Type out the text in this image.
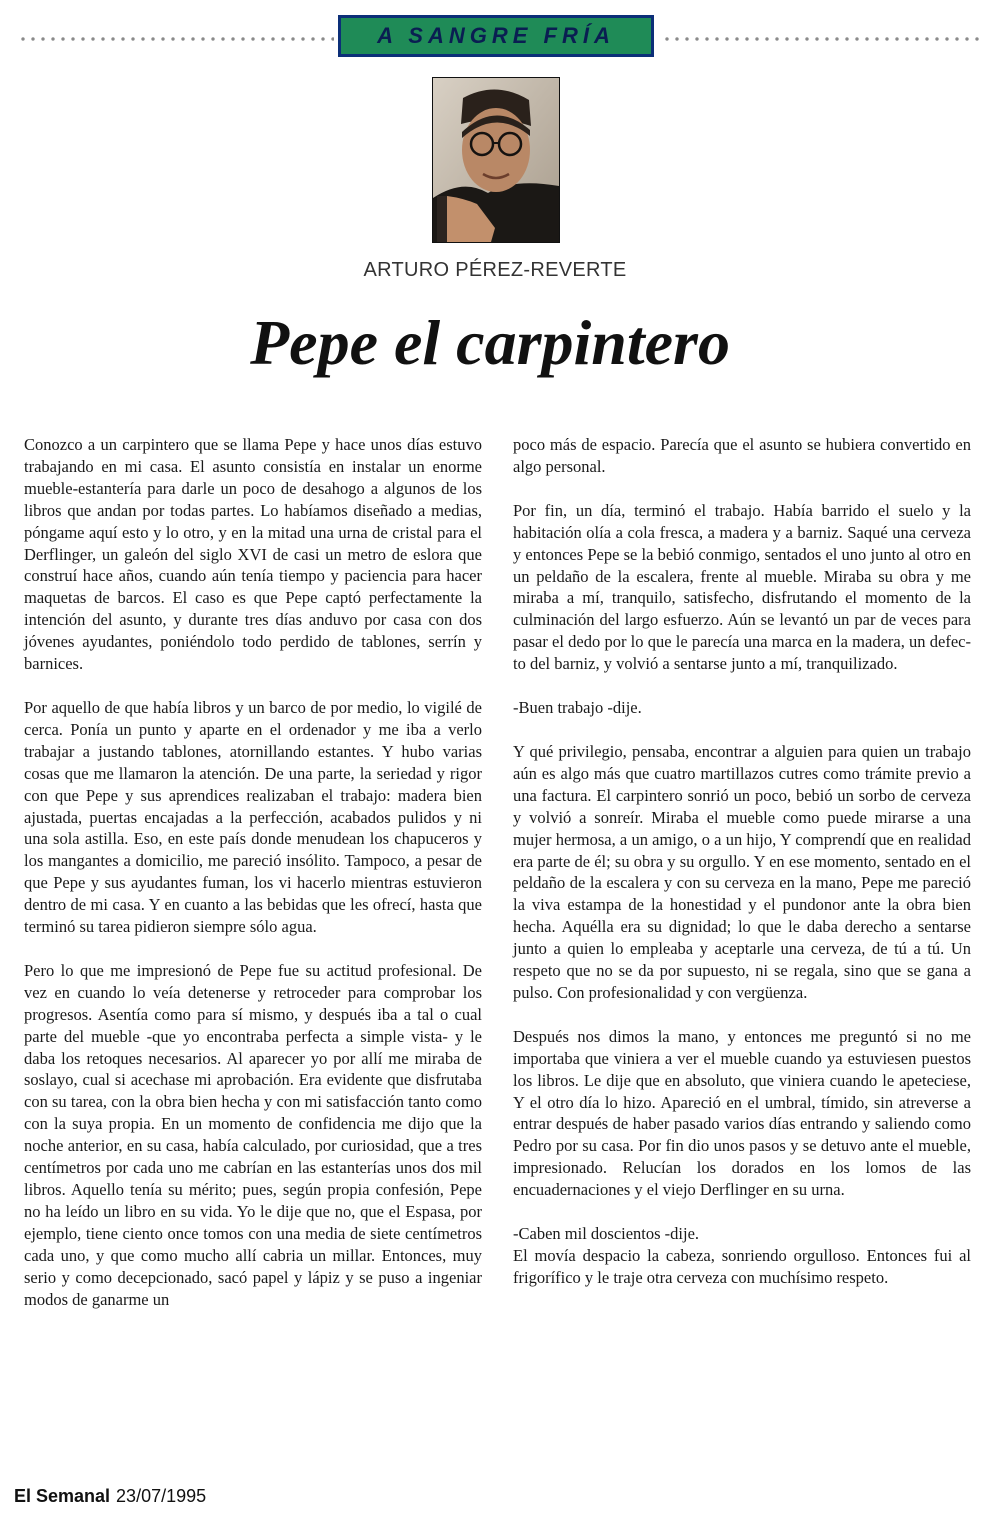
A SANGRE FRÍA
ARTURO PÉREZ-REVERTE
Pepe el carpintero

Conozco a un carpintero que se llama Pepe y hace unos días estuvo trabajando en mi casa. El asunto consistía en instalar un enorme mueble-estantería para darle un poco de desahogo a algunos de los libros que andan por todas partes. Lo habíamos diseñado a medias, póngame aquí esto y lo otro, y en la mitad una urna de cristal para el Derflinger, un galeón del siglo XVI de casi un metro de eslora que construí hace años, cuando aún tenía tiempo y paciencia para hacer maquetas de barcos. El caso es que Pepe captó perfectamente la intención del asunto, y durante tres días anduvo por casa con dos jóvenes ayudantes, poniéndolo todo perdido de tablones, serrín y barnices.

Por aquello de que había libros y un barco de por medio, lo vigilé de cerca. Ponía un punto y aparte en el ordenador y me iba a verlo trabajar a justando tablones, atornillando estantes. Y hubo varias cosas que me llamaron la atención. De una parte, la seriedad y rigor con que Pepe y sus aprendices realizaban el trabajo: madera bien ajustada, puertas encajadas a la perfección, acabados pulidos y ni una sola astilla. Eso, en este país donde menudean los chapuceros y los mangantes a domicilio, me pareció insólito. Tampoco, a pesar de que Pepe y sus ayudantes fuman, los vi hacerlo mientras estuvieron dentro de mi casa. Y en cuanto a las bebidas que les ofrecí, hasta que terminó su tarea pidieron siempre sólo agua.

Pero lo que me impresionó de Pepe fue su actitud profesional. De vez en cuando lo veía detenerse y retroceder para comprobar los progresos. Asentía como para sí mismo, y después iba a tal o cual parte del mueble -que yo encontraba perfecta a simple vista- y le daba los retoques necesarios. Al aparecer yo por allí me miraba de soslayo, cual si acechase mi aprobación. Era evidente que disfrutaba con su tarea, con la obra bien hecha y con mi satisfacción tanto como con la suya propia. En un momento de confidencia me dijo que la noche anterior, en su casa, había calculado, por curiosidad, que a tres centímetros por cada uno me cabrían en las estanterías unos dos mil libros. Aquello tenía su mérito; pues, según propia confesión, Pepe no ha leído un libro en su vida. Yo le dije que no, que el Espasa, por ejemplo, tiene ciento once tomos con una media de siete centímetros cada uno, y que como mucho allí cabria un millar. Entonces, muy serio y como decepcionado, sacó papel y lápiz y se puso a ingeniar modos de ganarme un

poco más de espacio. Parecía que el asunto se hubiera convertido en algo personal.

Por fin, un día, terminó el trabajo. Había barrido el suelo y la habitación olía a cola fresca, a madera y a barniz. Saqué una cerveza y entonces Pepe se la bebió conmigo, sentados el uno junto al otro en un peldaño de la escalera, frente al mueble. Miraba su obra y me miraba a mí, tranquilo, satisfecho, disfrutando el momento de la culminación del largo esfuerzo. Aún se levantó un par de veces para pasar el dedo por lo que le parecía una marca en la madera, un defecto del barniz, y volvió a sentarse junto a mí, tranquilizado.

-Buen trabajo -dije.

Y qué privilegio, pensaba, encontrar a alguien para quien un trabajo aún es algo más que cuatro martillazos cutres como trámite previo a una factura. El carpintero sonrió un poco, bebió un sorbo de cerveza y volvió a sonreír. Miraba el mueble como puede mirarse a una mujer hermosa, a un amigo, o a un hijo, Y comprendí que en realidad era parte de él; su obra y su orgullo. Y en ese momento, sentado en el peldaño de la escalera y con su cerveza en la mano, Pepe me pareció la viva estampa de la honestidad y el pundonor ante la obra bien hecha. Aquélla era su dignidad; lo que le daba derecho a sentarse junto a quien lo empleaba y aceptarle una cerveza, de tú a tú. Un respeto que no se da por supuesto, ni se regala, sino que se gana a pulso. Con profesionalidad y con vergüenza.

Después nos dimos la mano, y entonces me preguntó si no me importaba que viniera a ver el mueble cuando ya estuviesen puestos los libros. Le dije que en absoluto, que viniera cuando le apeteciese, Y el otro día lo hizo. Apareció en el umbral, tímido, sin atreverse a entrar después de haber pasado varios días entrando y saliendo como Pedro por su casa. Por fin dio unos pasos y se detuvo ante el mueble, impresionado. Relucían los dorados en los lomos de las encuadernaciones y el viejo Derflinger en su urna.

-Caben mil doscientos -dije.

El movía despacio la cabeza, sonriendo orgulloso. Entonces fui al frigorífico y le traje otra cerveza con muchísimo respeto.

El Semanal 23/07/1995
